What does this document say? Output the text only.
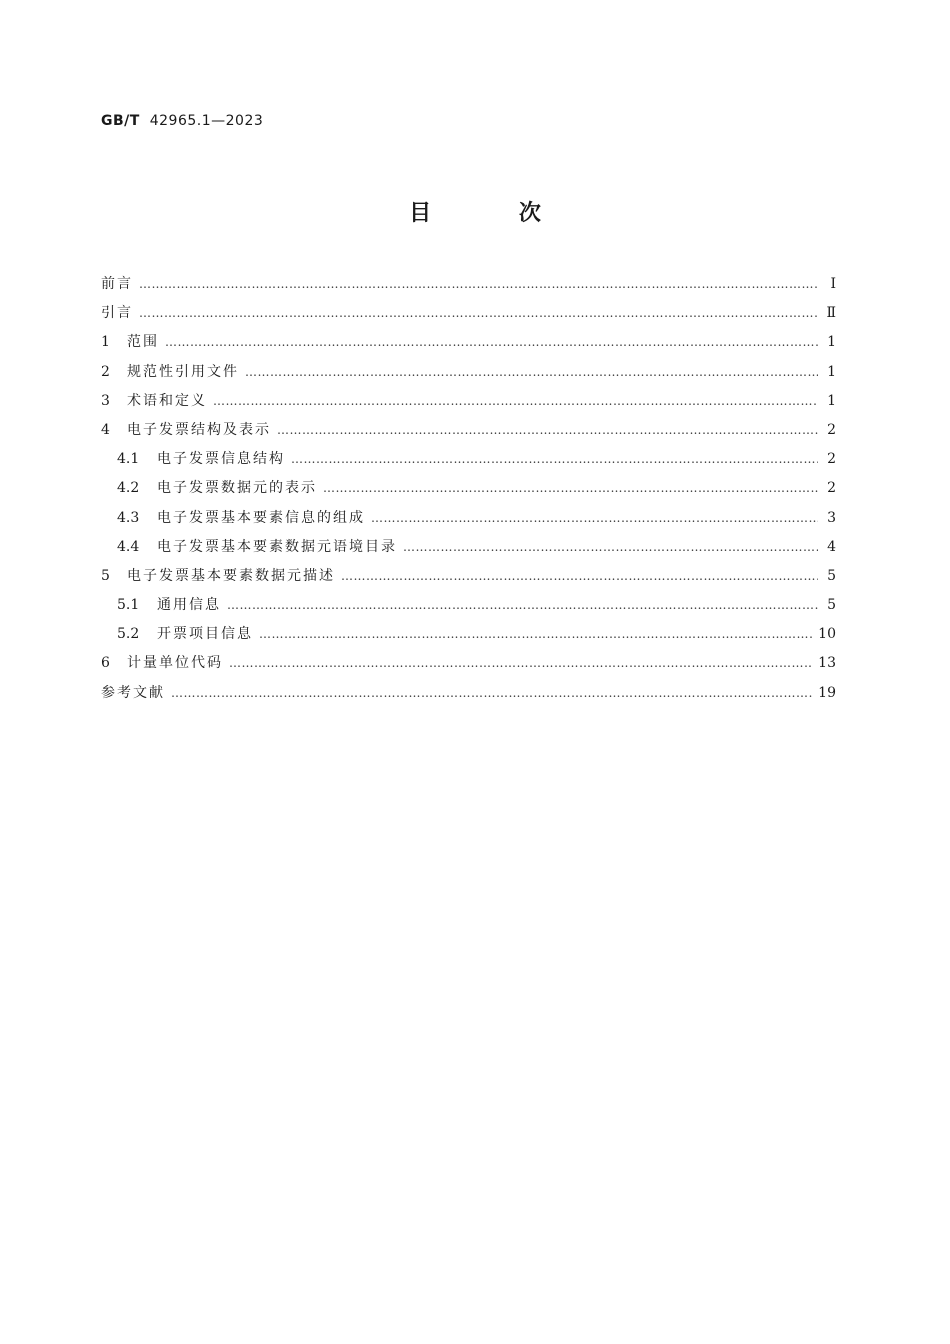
GB/T 42965.1—2023
目 次
前言 ……………………………………………………………………………………………………………………………………………………………………………………………………………………………………	Ⅰ
引言 ……………………………………………………………………………………………………………………………………………………………………………………………………………………………………	Ⅱ
1	范围 ……………………………………………………………………………………………………………………………………………………………………………………………………………………………………	1
2	规范性引用文件 ……………………………………………………………………………………………………………………………………………………………………………………………………………………………………	1
3	术语和定义 ……………………………………………………………………………………………………………………………………………………………………………………………………………………………………	1
4	电子发票结构及表示 ……………………………………………………………………………………………………………………………………………………………………………………………………………………………………	2
4.1	电子发票信息结构 ……………………………………………………………………………………………………………………………………………………………………………………………………………………………………	2
4.2	电子发票数据元的表示 ……………………………………………………………………………………………………………………………………………………………………………………………………………………………………	2
4.3	电子发票基本要素信息的组成 ……………………………………………………………………………………………………………………………………………………………………………………………………………………………………	3
4.4	电子发票基本要素数据元语境目录 ……………………………………………………………………………………………………………………………………………………………………………………………………………………………………	4
5	电子发票基本要素数据元描述 ……………………………………………………………………………………………………………………………………………………………………………………………………………………………………	5
5.1	通用信息 ……………………………………………………………………………………………………………………………………………………………………………………………………………………………………	5
5.2	开票项目信息 ……………………………………………………………………………………………………………………………………………………………………………………………………………………………………	10
6	计量单位代码 ……………………………………………………………………………………………………………………………………………………………………………………………………………………………………	13
参考文献 ……………………………………………………………………………………………………………………………………………………………………………………………………………………………………	19
